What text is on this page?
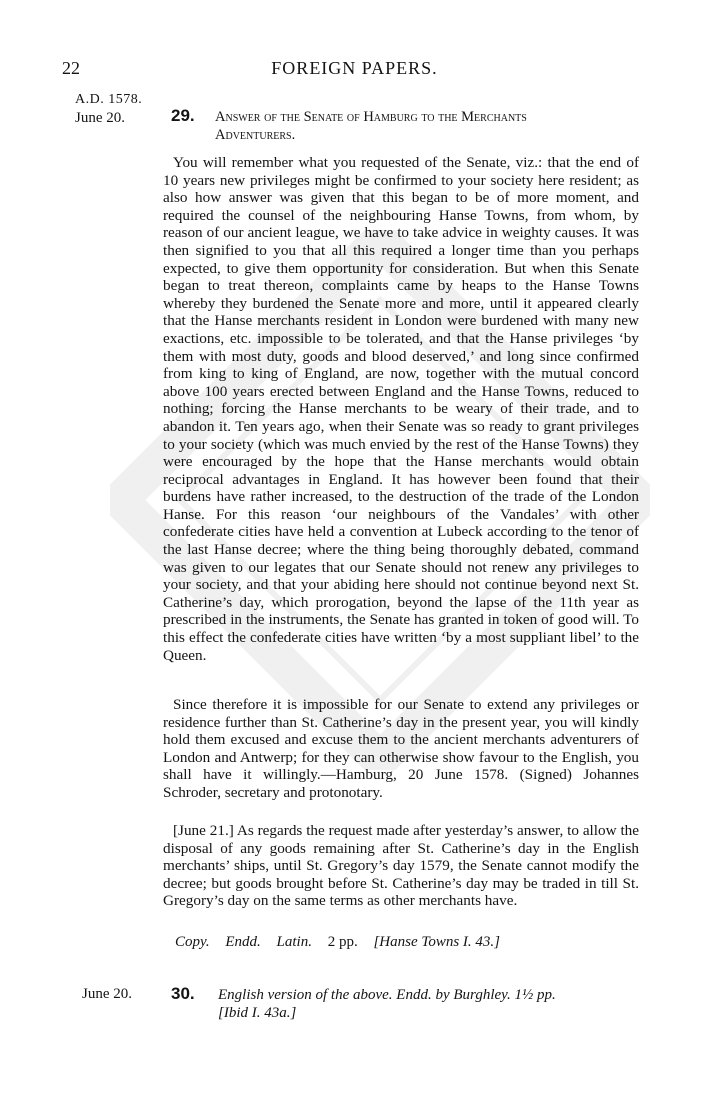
22	FOREIGN PAPERS.
A.D. 1578.
June 20.	29. Answer of the Senate of Hamburg to the Merchants
Adventurers.

You will remember what you requested of the Senate, viz.: that the end of 10 years new privileges might be confirmed to your society here resident; as also how answer was given that this began to be of more moment, and required the counsel of the neighbouring Hanse Towns, from whom, by reason of our ancient league, we have to take advice in weighty causes. It was then signified to you that all this required a longer time than you perhaps expected, to give them opportunity for consideration. But when this Senate began to treat thereon, complaints came by heaps to the Hanse Towns whereby they burdened the Senate more and more, until it appeared clearly that the Hanse merchants resident in London were burdened with many new exactions, etc. impossible to be tolerated, and that the Hanse privileges ‘by them with most duty, goods and blood deserved,’ and long since confirmed from king to king of England, are now, together with the mutual concord above 100 years erected between England and the Hanse Towns, reduced to nothing; forcing the Hanse merchants to be weary of their trade, and to abandon it. Ten years ago, when their Senate was so ready to grant privileges to your society (which was much envied by the rest of the Hanse Towns) they were encouraged by the hope that the Hanse merchants would obtain reciprocal advantages in England. It has however been found that their burdens have rather increased, to the destruction of the trade of the London Hanse. For this reason ‘our neighbours of the Vandales’ with other confederate cities have held a convention at Lubeck according to the tenor of the last Hanse decree; where the thing being thoroughly debated, command was given to our legates that our Senate should not renew any privileges to your society, and that your abiding here should not continue beyond next St. Catherine’s day, which prorogation, beyond the lapse of the 11th year as prescribed in the instruments, the Senate has granted in token of good will. To this effect the confederate cities have written ‘by a most suppliant libel’ to the Queen.

Since therefore it is impossible for our Senate to extend any privileges or residence further than St. Catherine’s day in the present year, you will kindly hold them excused and excuse them to the ancient merchants adventurers of London and Antwerp; for they can otherwise show favour to the English, you shall have it willingly.—Hamburg, 20 June 1578. (Signed) Johannes Schroder, secretary and protonotary.

[June 21.] As regards the request made after yesterday’s answer, to allow the disposal of any goods remaining after St. Catherine’s day in the English merchants’ ships, until St. Gregory’s day 1579, the Senate cannot modify the decree; but goods brought before St. Catherine’s day may be traded in till St. Gregory’s day on the same terms as other merchants have.

Copy. Endd. Latin. 2 pp. [Hanse Towns I. 43.]
June 20. 30. English version of the above. Endd. by Burghley. 1½ pp.
[Ibid I. 43a.]
